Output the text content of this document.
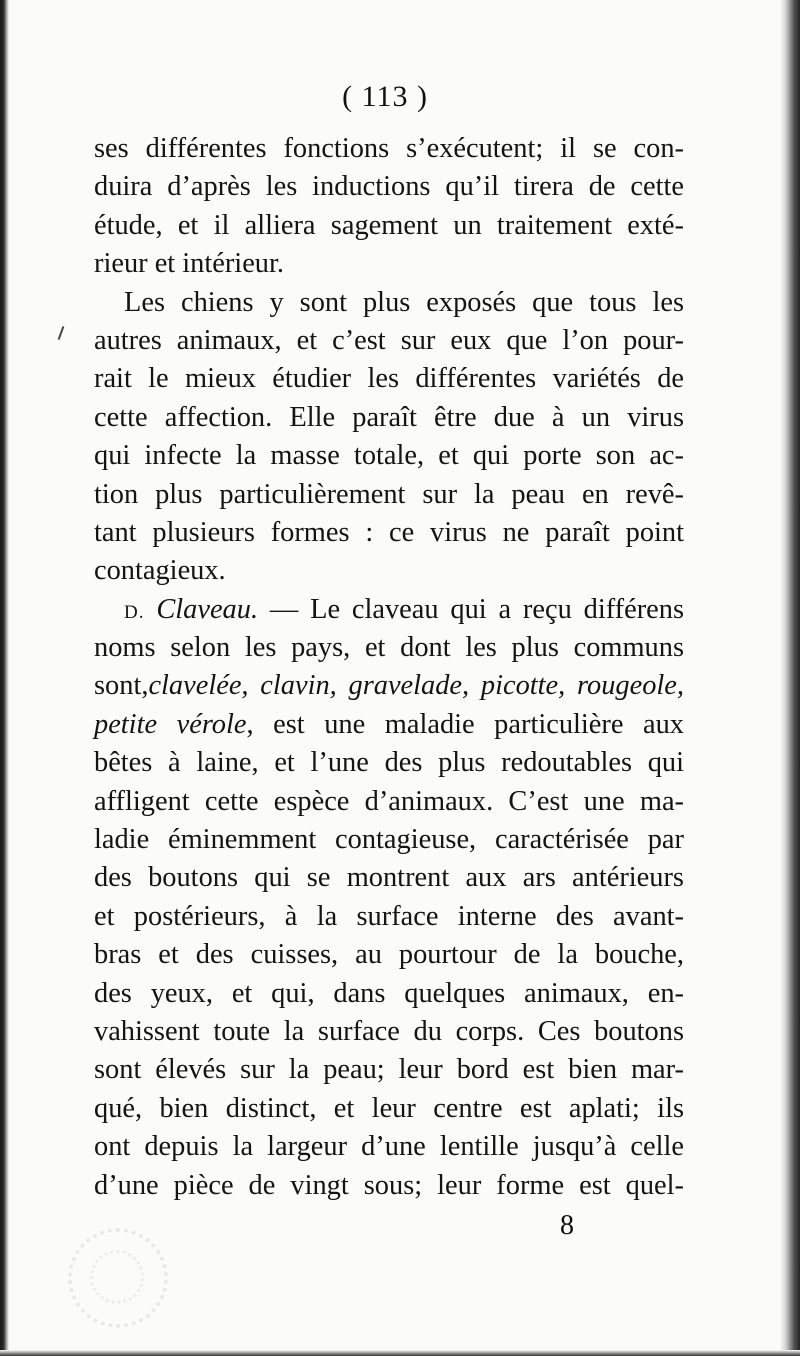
( 113 )
ses différentes fonctions s’exécutent; il se con-
duira d’après les inductions qu’il tirera de cette
étude, et il alliera sagement un traitement exté-
rieur et intérieur.
Les chiens y sont plus exposés que tous les
autres animaux, et c’est sur eux que l’on pour-
rait le mieux étudier les différentes variétés de
cette affection. Elle paraît être due à un virus
qui infecte la masse totale, et qui porte son ac-
tion plus particulièrement sur la peau en revê-
tant plusieurs formes : ce virus ne paraît point
contagieux.
D. Claveau. — Le claveau qui a reçu différens
noms selon les pays, et dont les plus communs
sont,clavelée, clavin, gravelade, picotte, rougeole,
petite vérole, est une maladie particulière aux
bêtes à laine, et l’une des plus redoutables qui
affligent cette espèce d’animaux. C’est une ma-
ladie éminemment contagieuse, caractérisée par
des boutons qui se montrent aux ars antérieurs
et postérieurs, à la surface interne des avant-
bras et des cuisses, au pourtour de la bouche,
des yeux, et qui, dans quelques animaux, en-
vahissent toute la surface du corps. Ces boutons
sont élevés sur la peau; leur bord est bien mar-
qué, bien distinct, et leur centre est aplati; ils
ont depuis la largeur d’une lentille jusqu’à celle
d’une pièce de vingt sous; leur forme est quel-
8
